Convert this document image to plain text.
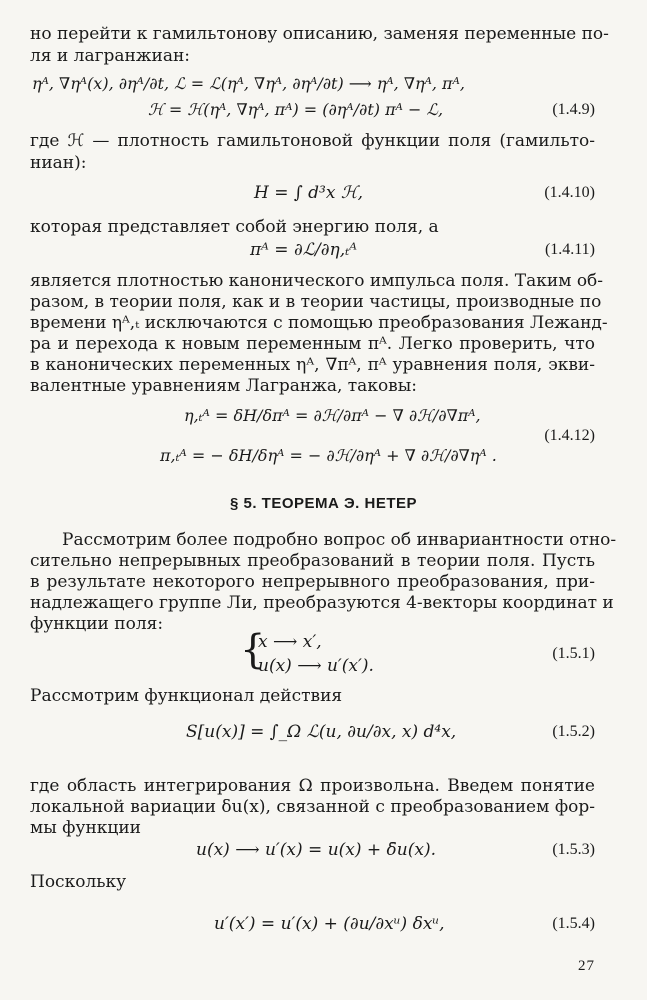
но перейти к гамильтонову описанию, заменяя переменные по-
ля и лагранжиан:
ηᴬ, ∇ηᴬ(x), ∂ηᴬ/∂t, ℒ = ℒ(ηᴬ, ∇ηᴬ, ∂ηᴬ/∂t) ⟶ ηᴬ, ∇ηᴬ, πᴬ,
ℋ = ℋ(ηᴬ, ∇ηᴬ, πᴬ) = (∂ηᴬ/∂t) πᴬ − ℒ,	(1.4.9)
где ℋ — плотность гамильтоновой функции поля (гамильто-
ниан):
H = ∫ d³x ℋ,	(1.4.10)
которая представляет собой энергию поля, а
πᴬ = ∂ℒ/∂η,ₜᴬ	(1.4.11)
является плотностью канонического импульса поля. Таким об-
разом, в теории поля, как и в теории частицы, производные по
времени ηᴬ,ₜ исключаются с помощью преобразования Лежанд-
ра и перехода к новым переменным πᴬ. Легко проверить, что
в канонических переменных ηᴬ, ∇πᴬ, πᴬ уравнения поля, экви-
валентные уравнениям Лагранжа, таковы:
η,ₜᴬ = δH/δπᴬ = ∂ℋ/∂πᴬ − ∇ ∂ℋ/∂∇πᴬ,
π,ₜᴬ = − δH/δηᴬ = − ∂ℋ/∂ηᴬ + ∇ ∂ℋ/∂∇ηᴬ .
(1.4.12)
§ 5. ТЕОРЕМА Э. НЕТЕР
Рассмотрим более подробно вопрос об инвариантности отно-
сительно непрерывных преобразований в теории поля. Пусть
в результате некоторого непрерывного преобразования, при-
надлежащего группе Ли, преобразуются 4-векторы координат и
функции поля:
{
x ⟶ x′,
u(x) ⟶ u′(x′).
(1.5.1)
Рассмотрим функционал действия
S[u(x)] = ∫_Ω ℒ(u, ∂u/∂x, x) d⁴x,	(1.5.2)
где область интегрирования Ω произвольна. Введем понятие
локальной вариации δu(x), связанной с преобразованием фор-
мы функции
u(x) ⟶ u′(x) = u(x) + δ̄u(x).	(1.5.3)
Поскольку
u′(x′) = u′(x) + (∂u/∂xᵘ) δxᵘ,	(1.5.4)
27
